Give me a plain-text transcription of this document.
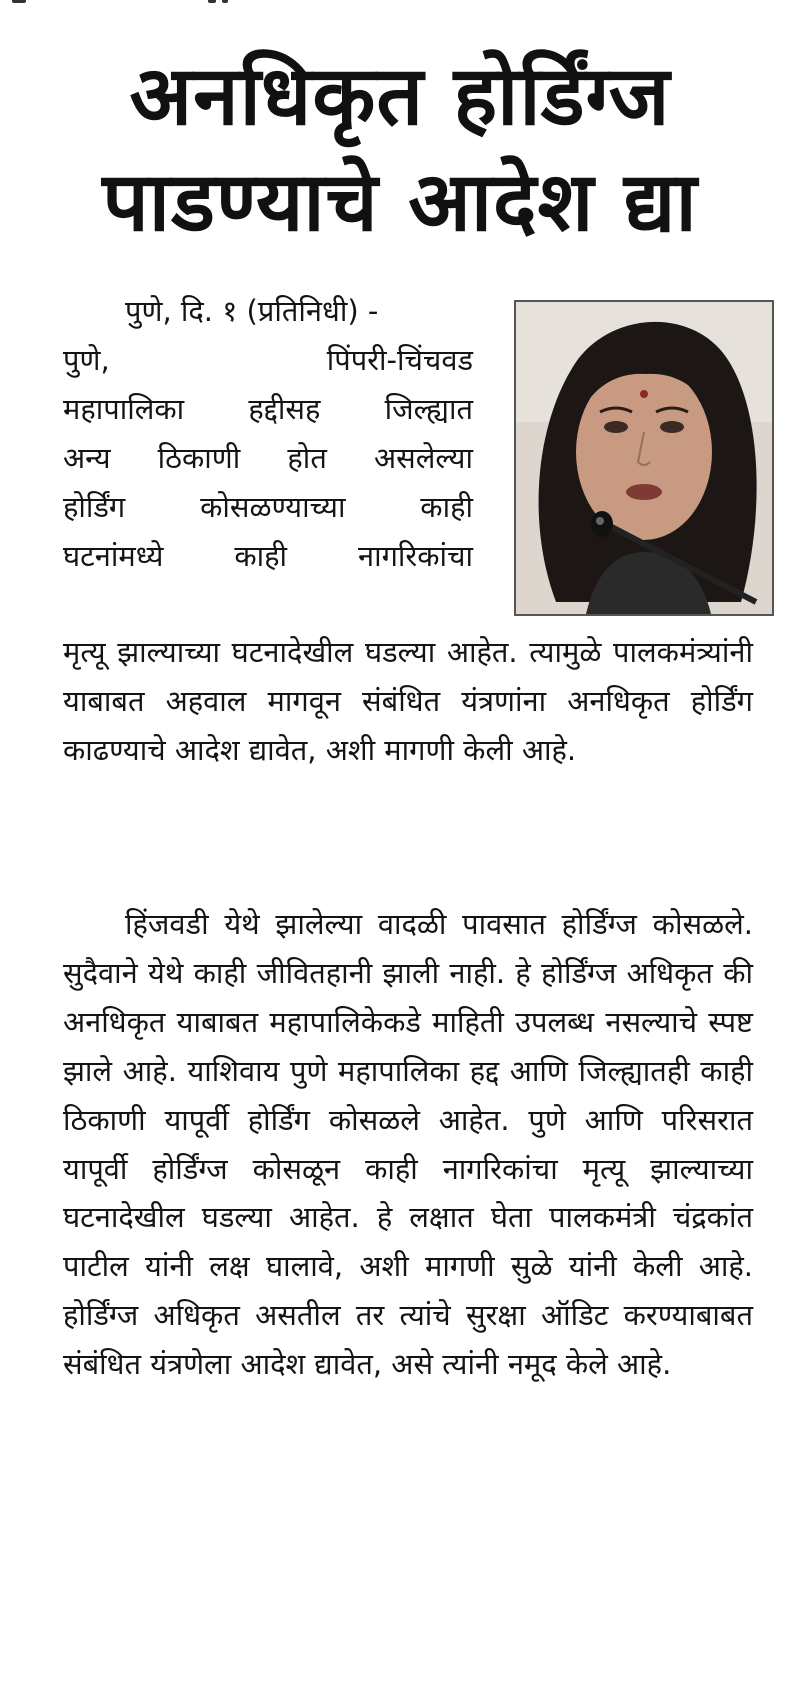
अनधिकृत होर्डिंग्ज
पाडण्याचे आदेश द्या
पुणे, दि. १ (प्रतिनिधी) -
पुणे, पिंपरी-चिंचवड
महापालिका हद्दीसह जिल्ह्यात
अन्य ठिकाणी होत असलेल्या
होर्डिंग कोसळण्याच्या काही
घटनांमध्ये काही नागरिकांचा
मृत्यू झाल्याच्या घटनादेखील घडल्या आहेत. त्यामुळे पालकमंत्र्यांनी याबाबत अहवाल मागवून संबंधित यंत्रणांना अनधिकृत होर्डिंग काढण्याचे आदेश द्यावेत, अशी मागणी केली आहे.
हिंजवडी येथे झालेल्या वादळी पावसात होर्डिंग्ज कोसळले. सुदैवाने येथे काही जीवितहानी झाली नाही. हे होर्डिंग्ज अधिकृत की अनधिकृत याबाबत महापालिकेकडे माहिती उपलब्ध नसल्याचे स्पष्ट झाले आहे. याशिवाय पुणे महापालिका हद्द आणि जिल्ह्यातही काही ठिकाणी यापूर्वी होर्डिंग कोसळले आहेत. पुणे आणि परिसरात यापूर्वी होर्डिंग्ज कोसळून काही नागरिकांचा मृत्यू झाल्याच्या घटनादेखील घडल्या आहेत. हे लक्षात घेता पालकमंत्री चंद्रकांत पाटील यांनी लक्ष घालावे, अशी मागणी सुळे यांनी केली आहे. होर्डिंग्ज अधिकृत असतील तर त्यांचे सुरक्षा ऑडिट करण्याबाबत संबंधित यंत्रणेला आदेश द्यावेत, असे त्यांनी नमूद केले आहे.
